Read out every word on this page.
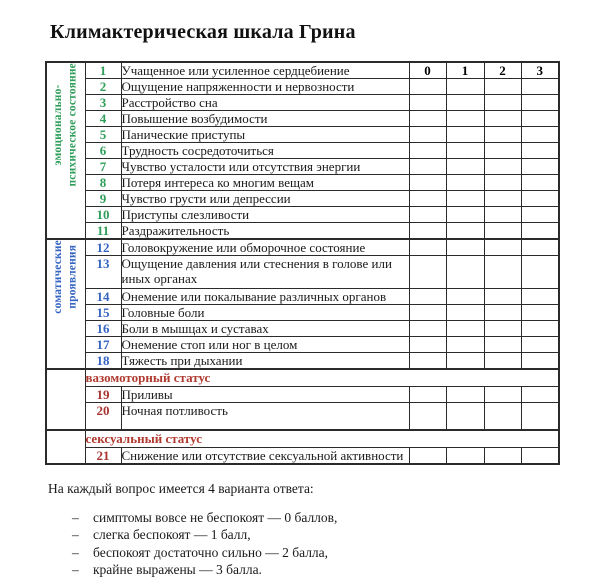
Климактерическая шкала Грина
эмоционально- психическое состояние	1	Учащенное или усиленное сердцебиение	0	1	2	3
	2	Ощущение напряженности и нервозности				
	3	Расстройство сна				
	4	Повышение возбудимости				
	5	Панические приступы				
	6	Трудность сосредоточиться				
	7	Чувство усталости или отсутствия энергии				
	8	Потеря интереса ко многим вещам				
	9	Чувство грусти или депрессии				
	10	Приступы слезливости				
	11	Раздражительность				
соматические проявления	12	Головокружение или обморочное состояние				
	13	Ощущение давления или стеснения в голове или иных органах				
	14	Онемение или покалывание различных органов				
	15	Головные боли				
	16	Боли в мышцах и суставах				
	17	Онемение стоп или ног в целом				
	18	Тяжесть при дыхании				
	вазомоторный статус					
	19	Приливы				
	20	Ночная потливость				
	сексуальный статус					
	21	Снижение или отсутствие сексуальной активности				
На каждый вопрос имеется 4 варианта ответа:
–	симптомы вовсе не беспокоят — 0 баллов,
–	слегка беспокоят — 1 балл,
–	беспокоят достаточно сильно — 2 балла,
–	крайне выражены — 3 балла.
